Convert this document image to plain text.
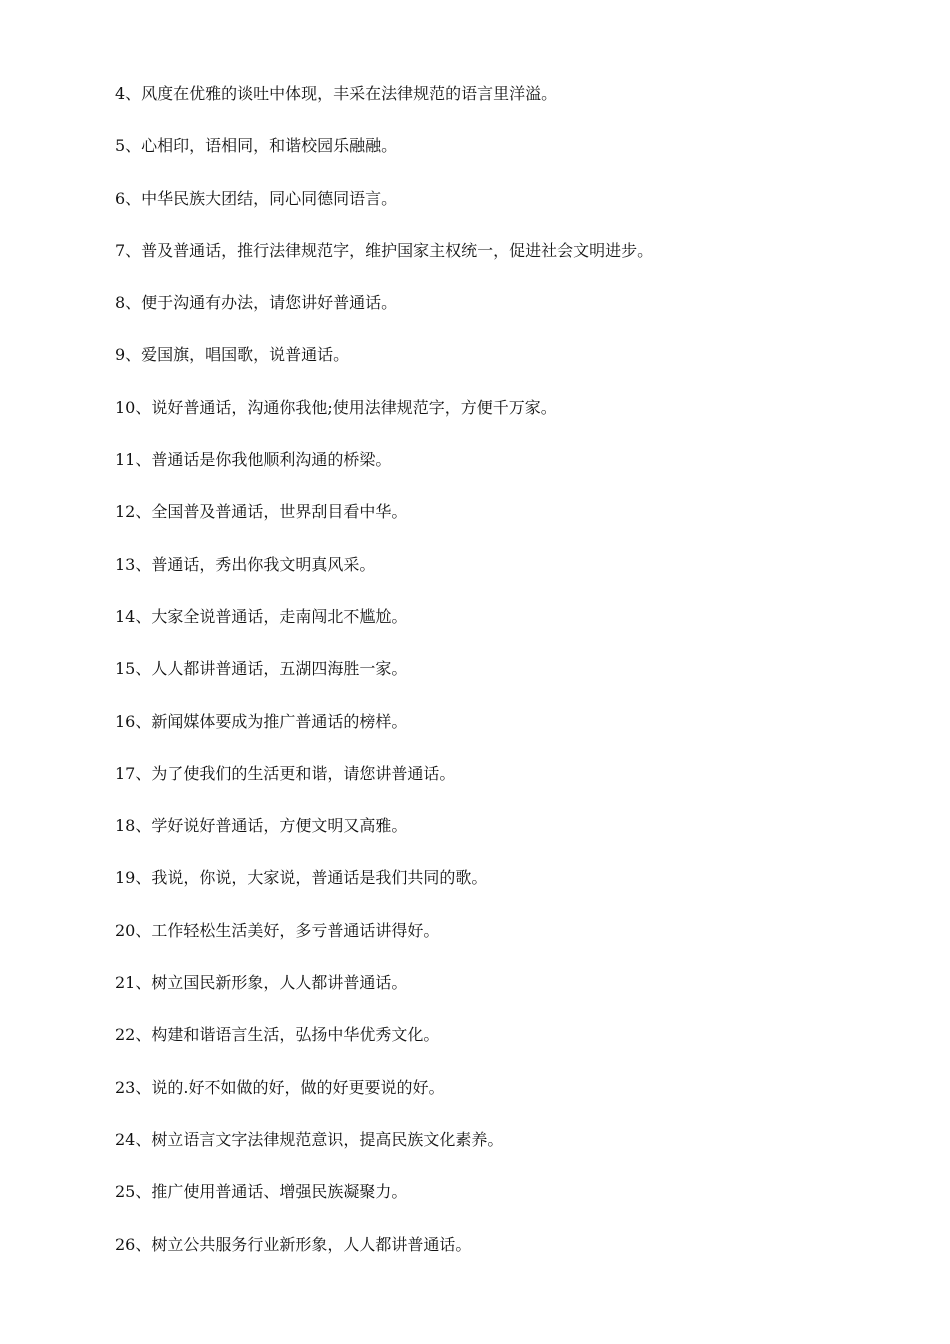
4、风度在优雅的谈吐中体现，丰采在法律规范的语言里洋溢。
5、心相印，语相同，和谐校园乐融融。
6、中华民族大团结，同心同德同语言。
7、普及普通话，推行法律规范字，维护国家主权统一，促进社会文明进步。
8、便于沟通有办法，请您讲好普通话。
9、爱国旗，唱国歌，说普通话。
10、说好普通话，沟通你我他;使用法律规范字，方便千万家。
11、普通话是你我他顺利沟通的桥梁。
12、全国普及普通话，世界刮目看中华。
13、普通话，秀出你我文明真风采。
14、大家全说普通话，走南闯北不尴尬。
15、人人都讲普通话，五湖四海胜一家。
16、新闻媒体要成为推广普通话的榜样。
17、为了使我们的生活更和谐，请您讲普通话。
18、学好说好普通话，方便文明又高雅。
19、我说，你说，大家说，普通话是我们共同的歌。
20、工作轻松生活美好，多亏普通话讲得好。
21、树立国民新形象，人人都讲普通话。
22、构建和谐语言生活，弘扬中华优秀文化。
23、说的.好不如做的好，做的好更要说的好。
24、树立语言文字法律规范意识，提高民族文化素养。
25、推广使用普通话、增强民族凝聚力。
26、树立公共服务行业新形象，人人都讲普通话。
